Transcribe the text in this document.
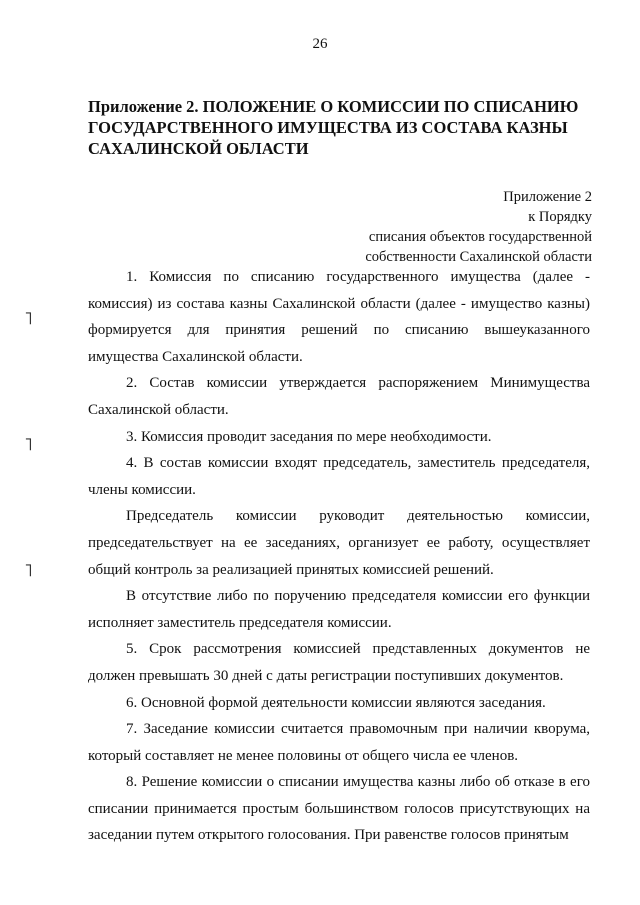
26
Приложение 2. ПОЛОЖЕНИЕ О КОМИССИИ ПО СПИСАНИЮ
ГОСУДАРСТВЕННОГО ИМУЩЕСТВА ИЗ СОСТАВА КАЗНЫ
САХАЛИНСКОЙ ОБЛАСТИ
Приложение 2
к Порядку
списания объектов государственной
собственности Сахалинской области

1. Комиссия по списанию государственного имущества (далее - комиссия) из состава казны Сахалинской области (далее - имущество казны) формируется для принятия решений по списанию вышеуказанного имущества Сахалинской области.

2. Состав комиссии утверждается распоряжением Минимущества Сахалинской области.

3. Комиссия проводит заседания по мере необходимости.

4. В состав комиссии входят председатель, заместитель председателя, члены комиссии.

Председатель комиссии руководит деятельностью комиссии, председательствует на ее заседаниях, организует ее работу, осуществляет общий контроль за реализацией принятых комиссией решений.

В отсутствие либо по поручению председателя комиссии его функции исполняет заместитель председателя комиссии.

5. Срок рассмотрения комиссией представленных документов не должен превышать 30 дней с даты регистрации поступивших документов.

6. Основной формой деятельности комиссии являются заседания.

7. Заседание комиссии считается правомочным при наличии кворума, который составляет не менее половины от общего числа ее членов.

8. Решение комиссии о списании имущества казны либо об отказе в его списании принимается простым большинством голосов присутствующих на заседании путем открытого голосования. При равенстве голосов принятым

˥
˥
˥
